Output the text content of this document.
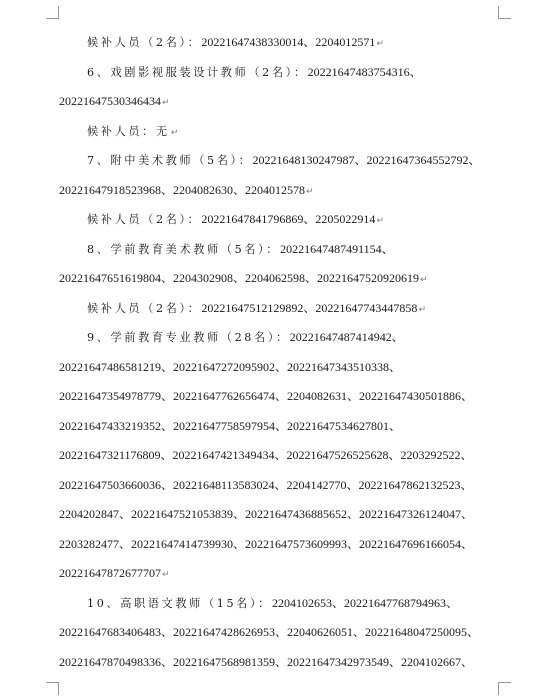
候补人员（2名）：20221647438330014、2204012571↵
6、戏剧影视服装设计教师（2名）：20221647483754316、
20221647530346434↵
候补人员：无↵
7、附中美术教师（5名）：20221648130247987、20221647364552792、
20221647918523968、2204082630、2204012578↵
候补人员（2名）：20221647841796869、2205022914↵
8、学前教育美术教师（5名）：20221647487491154、
20221647651619804、2204302908、2204062598、20221647520920619↵
候补人员（2名）：20221647512129892、20221647743447858↵
9、学前教育专业教师（28名）：20221647487414942、
20221647486581219、20221647272095902、20221647343510338、
20221647354978779、20221647762656474、2204082631、20221647430501886、
20221647433219352、20221647758597954、20221647534627801、
20221647321176809、20221647421349434、20221647526525628、2203292522、
20221647503660036、20221648113583024、2204142770、20221647862132523、
2204202847、20221647521053839、20221647436885652、20221647326124047、
2203282477、20221647414739930、20221647573609993、20221647696166054、
20221647872677707↵
10、高职语文教师（15名）：2204102653、20221647768794963、
20221647683406483、20221647428626953、22040626051、20221648047250095、
20221647870498336、20221647568981359、20221647342973549、2204102667、
